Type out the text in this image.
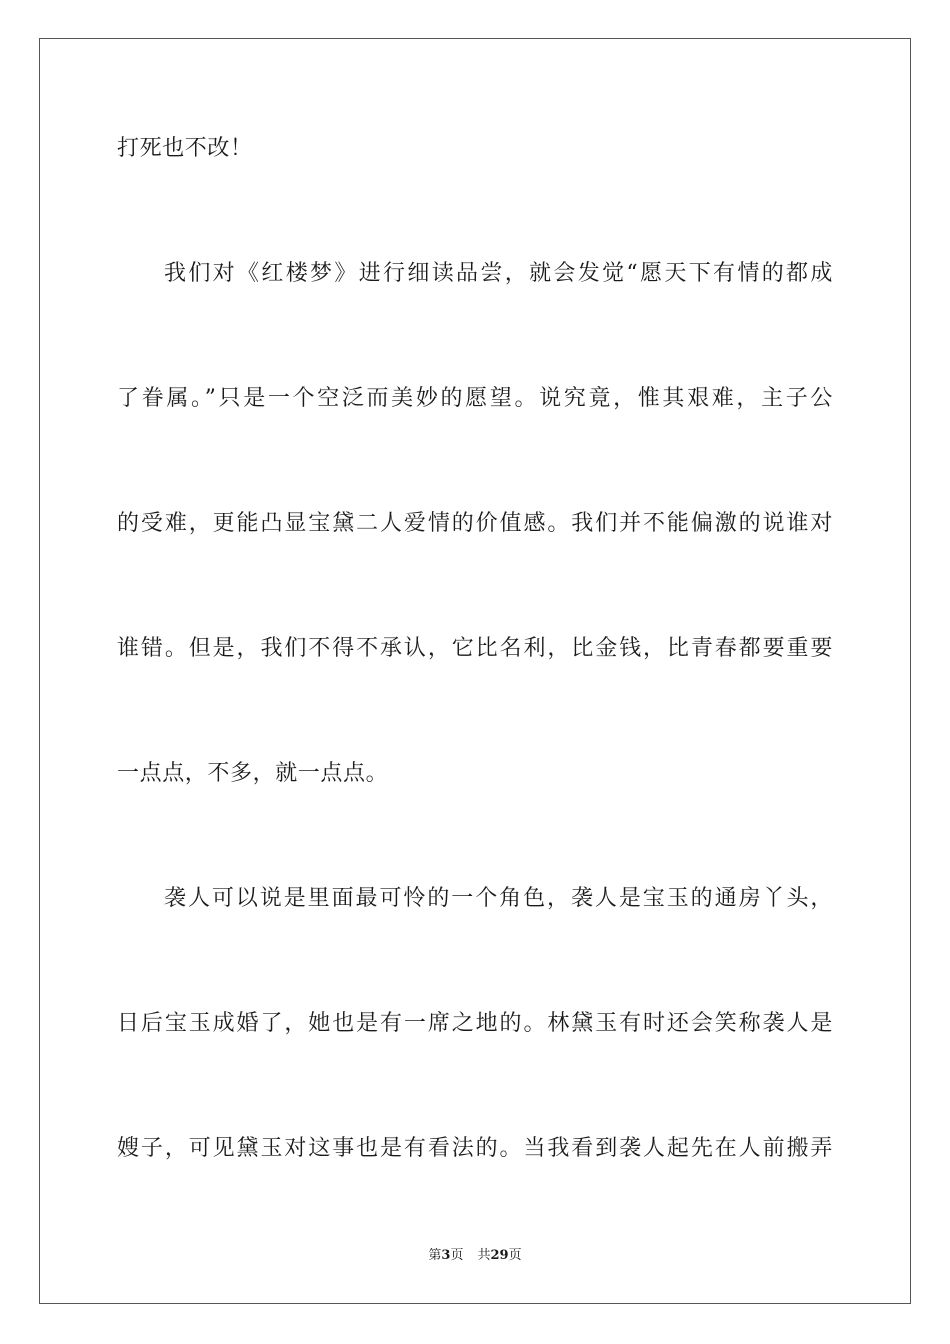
打死也不改！
我们对《红楼梦》进行细读品尝，就会发觉“愿天下有情的都成
了眷属。”只是一个空泛而美妙的愿望。说究竟，惟其艰难，主子公
的受难，更能凸显宝黛二人爱情的价值感。我们并不能偏激的说谁对
谁错。但是，我们不得不承认，它比名利，比金钱，比青春都要重要
一点点，不多，就一点点。
袭人可以说是里面最可怜的一个角色，袭人是宝玉的通房丫头，
日后宝玉成婚了，她也是有一席之地的。林黛玉有时还会笑称袭人是
嫂子，可见黛玉对这事也是有看法的。当我看到袭人起先在人前搬弄
第3页 共29页
